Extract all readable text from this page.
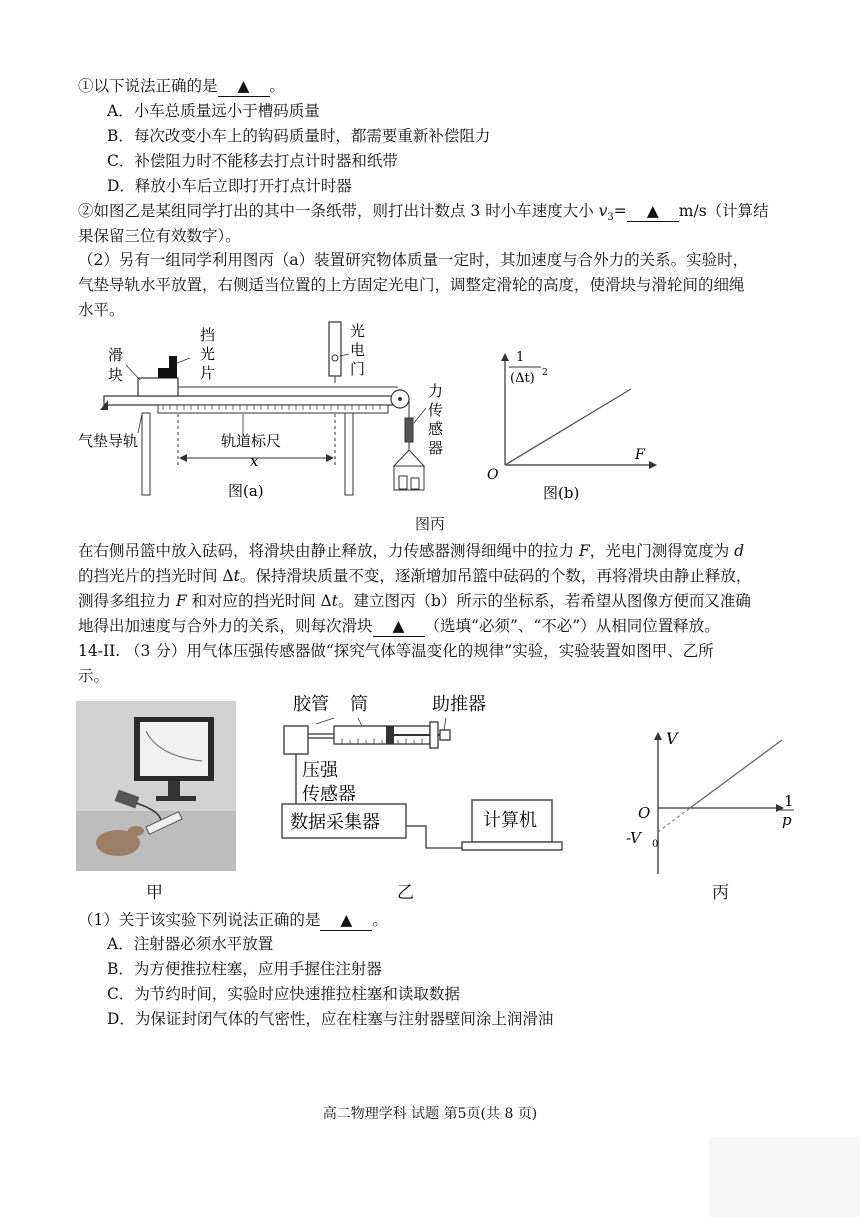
①以下说法正确的是 ▲ 。
A．小车总质量远小于槽码质量
B．每次改变小车上的钩码质量时，都需要重新补偿阻力
C．补偿阻力时不能移去打点计时器和纸带
D．释放小车后立即打开打点计时器
②如图乙是某组同学打出的其中一条纸带，则打出计数点 3 时小车速度大小 $v_3=$ ▲ m/s（计算结
果保留三位有效数字）。
（2）另有一组同学利用图丙（a）装置研究物体质量一定时，其加速度与合外力的关系。实验时，
气垫导轨水平放置，右侧适当位置的上方固定光电门，调整定滑轮的高度，使滑块与滑轮间的细绳
水平。
滑
块
挡
光
片
光
电
门
力
传
感
器
气垫导轨	轨道标尺
x
图(a)
1
(Δt) 2
F
O
图(b)
图丙
在右侧吊篮中放入砝码，将滑块由静止释放，力传感器测得细绳中的拉力 F，光电门测得宽度为 d
的挡光片的挡光时间 Δt。保持滑块质量不变，逐渐增加吊篮中砝码的个数，再将滑块由静止释放，
测得多组拉力 F 和对应的挡光时间 Δt。建立图丙（b）所示的坐标系，若希望从图像方便而又准确
地得出加速度与合外力的关系，则每次滑块 ▲ （选填“必须”、“不必”）从相同位置释放。
14-II. （3 分）用气体压强传感器做“探究气体等温变化的规律”实验，实验装置如图甲、乙所
示。
胶管 筒	助推器
压强
传感器
数据采集器	计算机
V
O
-V 0
1
p
甲	乙	丙
（1）关于该实验下列说法正确的是 ▲ 。
A．注射器必须水平放置
B．为方便推拉柱塞，应用手握住注射器
C．为节约时间，实验时应快速推拉柱塞和读取数据
D．为保证封闭气体的气密性，应在柱塞与注射器壁间涂上润滑油
高二物理学科 试题 第5页(共 8 页)
